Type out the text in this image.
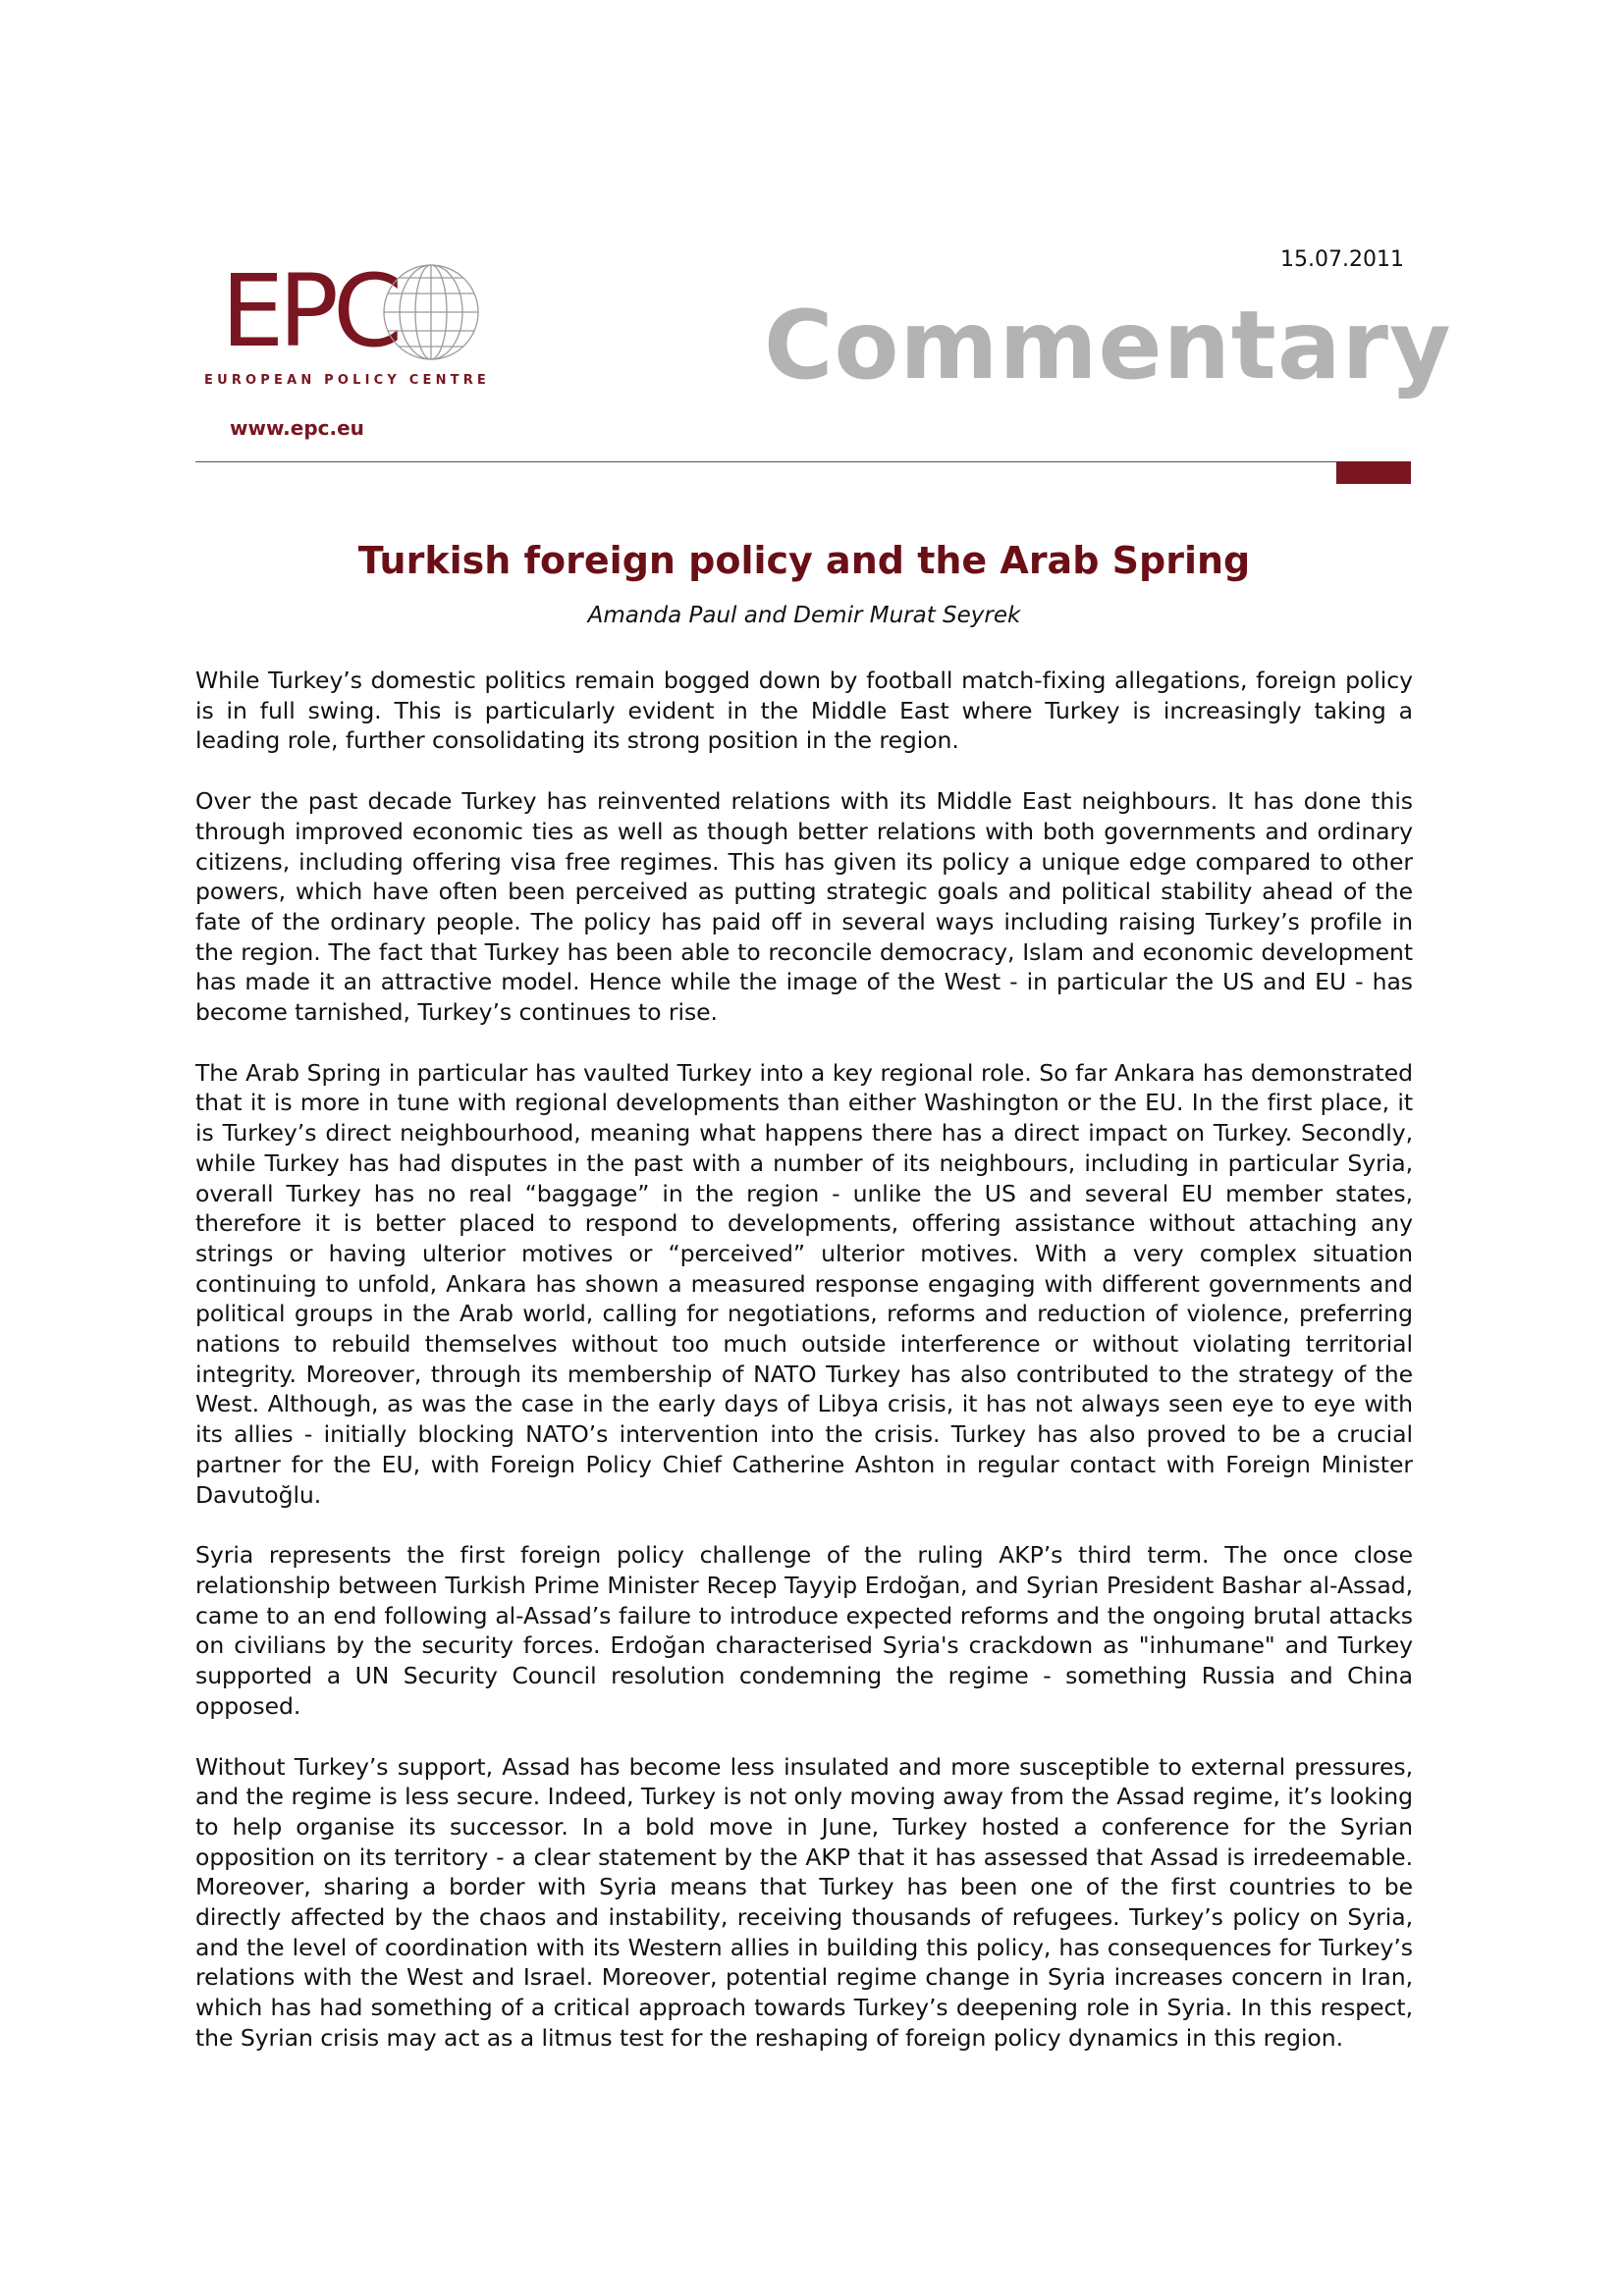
EPC
EUROPEAN POLICY CENTRE
www.epc.eu
15.07.2011
Commentary
Turkish foreign policy and the Arab Spring
Amanda Paul and Demir Murat Seyrek

While Turkey’s domestic politics remain bogged down by football match-fixing allegations, foreign policy is in full swing. This is particularly evident in the Middle East where Turkey is increasingly taking a leading role, further consolidating its strong position in the region.

Over the past decade Turkey has reinvented relations with its Middle East neighbours. It has done this through improved economic ties as well as though better relations with both governments and ordinary citizens, including offering visa free regimes. This has given its policy a unique edge compared to other powers, which have often been perceived as putting strategic goals and political stability ahead of the fate of the ordinary people. The policy has paid off in several ways including raising Turkey’s profile in the region. The fact that Turkey has been able to reconcile democracy, Islam and economic development has made it an attractive model. Hence while the image of the West - in particular the US and EU - has become tarnished, Turkey’s continues to rise.

The Arab Spring in particular has vaulted Turkey into a key regional role. So far Ankara has demonstrated that it is more in tune with regional developments than either Washington or the EU. In the first place, it is Turkey’s direct neighbourhood, meaning what happens there has a direct impact on Turkey. Secondly, while Turkey has had disputes in the past with a number of its neighbours, including in particular Syria, overall Turkey has no real “baggage” in the region - unlike the US and several EU member states, therefore it is better placed to respond to developments, offering assistance without attaching any strings or having ulterior motives or “perceived” ulterior motives. With a very complex situation continuing to unfold, Ankara has shown a measured response engaging with different governments and political groups in the Arab world, calling for negotiations, reforms and reduction of violence, preferring nations to rebuild themselves without too much outside interference or without violating territorial integrity. Moreover, through its membership of NATO Turkey has also contributed to the strategy of the West. Although, as was the case in the early days of Libya crisis, it has not always seen eye to eye with its allies - initially blocking NATO’s intervention into the crisis. Turkey has also proved to be a crucial partner for the EU, with Foreign Policy Chief Catherine Ashton in regular contact with Foreign Minister Davutoğlu.

Syria represents the first foreign policy challenge of the ruling AKP’s third term. The once close relationship between Turkish Prime Minister Recep Tayyip Erdoğan, and Syrian President Bashar al-Assad, came to an end following al-Assad’s failure to introduce expected reforms and the ongoing brutal attacks on civilians by the security forces. Erdoğan characterised Syria's crackdown as "inhumane" and Turkey supported a UN Security Council resolution condemning the regime - something Russia and China opposed.

Without Turkey’s support, Assad has become less insulated and more susceptible to external pressures, and the regime is less secure. Indeed, Turkey is not only moving away from the Assad regime, it’s looking to help organise its successor. In a bold move in June, Turkey hosted a conference for the Syrian opposition on its territory - a clear statement by the AKP that it has assessed that Assad is irredeemable. Moreover, sharing a border with Syria means that Turkey has been one of the first countries to be directly affected by the chaos and instability, receiving thousands of refugees. Turkey’s policy on Syria, and the level of coordination with its Western allies in building this policy, has consequences for Turkey’s relations with the West and Israel. Moreover, potential regime change in Syria increases concern in Iran, which has had something of a critical approach towards Turkey’s deepening role in Syria. In this respect, the Syrian crisis may act as a litmus test for the reshaping of foreign policy dynamics in this region.
